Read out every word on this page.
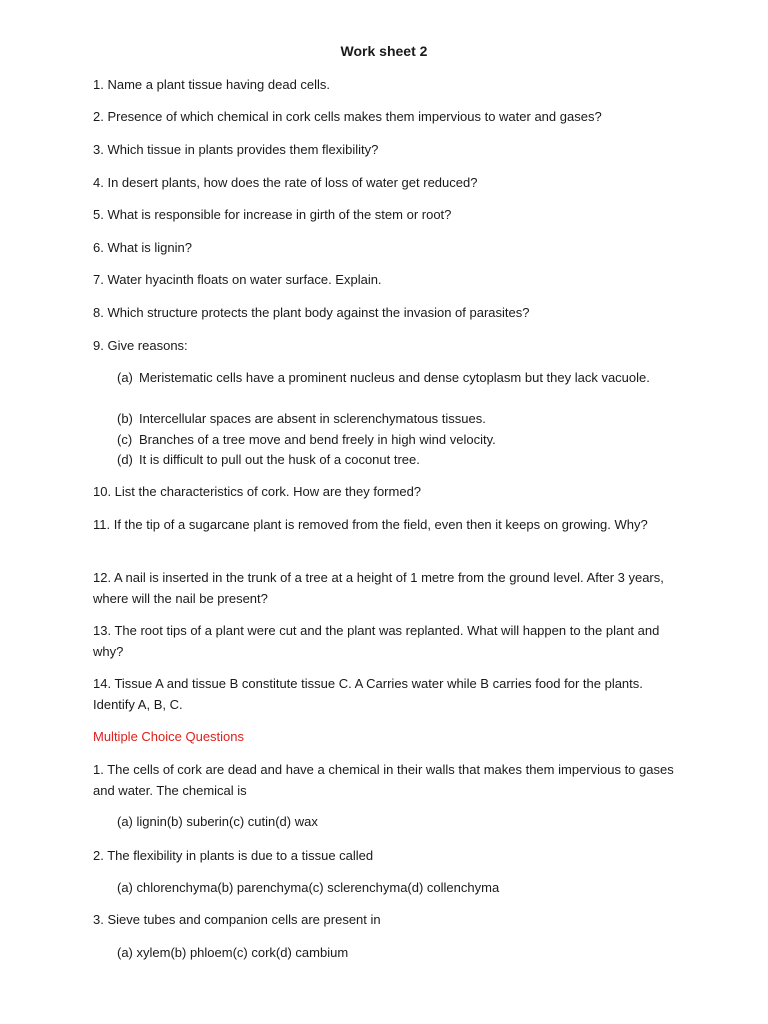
Work sheet 2
1. Name a plant tissue having dead cells.
2. Presence of which chemical in cork cells makes them impervious to water and gases?
3. Which tissue in plants provides them flexibility?
4. In desert plants, how does the rate of loss of water get reduced?
5. What is responsible for increase in girth of the stem or root?
6. What is lignin?
7. Water hyacinth floats on water surface. Explain.
8. Which structure protects the plant body against the invasion of parasites?
9. Give reasons:
(a) Meristematic cells have a prominent nucleus and dense cytoplasm but they lack vacuole.
(b) Intercellular spaces are absent in sclerenchymatous tissues.
(c) Branches of a tree move and bend freely in high wind velocity.
(d) It is difficult to pull out the husk of a coconut tree.
10. List the characteristics of cork. How are they formed?
11. If the tip of a sugarcane plant is removed from the field, even then it keeps on growing. Why?
12. A nail is inserted in the trunk of a tree at a height of 1 metre from the ground level. After 3 years, where will the nail be present?
13. The root tips of a plant were cut and the plant was replanted. What will happen to the plant and why?
14. Tissue A and tissue B constitute tissue C. A Carries water while B carries food for the plants. Identify A, B, C.
Multiple Choice Questions
1. The cells of cork are dead and have a chemical in their walls that makes them impervious to gases and water. The chemical is
(a) lignin(b) suberin(c) cutin(d) wax
2. The flexibility in plants is due to a tissue called
(a) chlorenchyma(b) parenchyma(c) sclerenchyma(d) collenchyma
3. Sieve tubes and companion cells are present in
(a) xylem(b) phloem(c) cork(d) cambium
